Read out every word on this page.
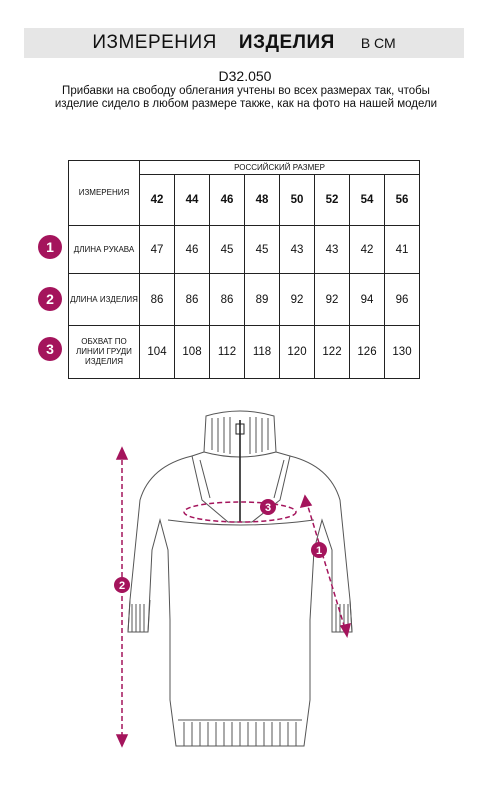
ИЗМЕРЕНИЯ ИЗДЕЛИЯ В СМ
D32.050
Прибавки на свободу облегания учтены во всех размерах так, чтобы изделие сидело в любом размере также, как на фото на нашей модели
ИЗМЕРЕНИЯ	РОССИЙСКИЙ РАЗМЕР							
	42	44	46	48	50	52	54	56
ДЛИНА РУКАВА	47	46	45	45	43	43	42	41
ДЛИНА ИЗДЕЛИЯ	86	86	86	89	92	92	94	96
ОБХВАТ ПО ЛИНИИ ГРУДИ ИЗДЕЛИЯ	104	108	112	118	120	122	126	130
1
2
3
2
3
1
